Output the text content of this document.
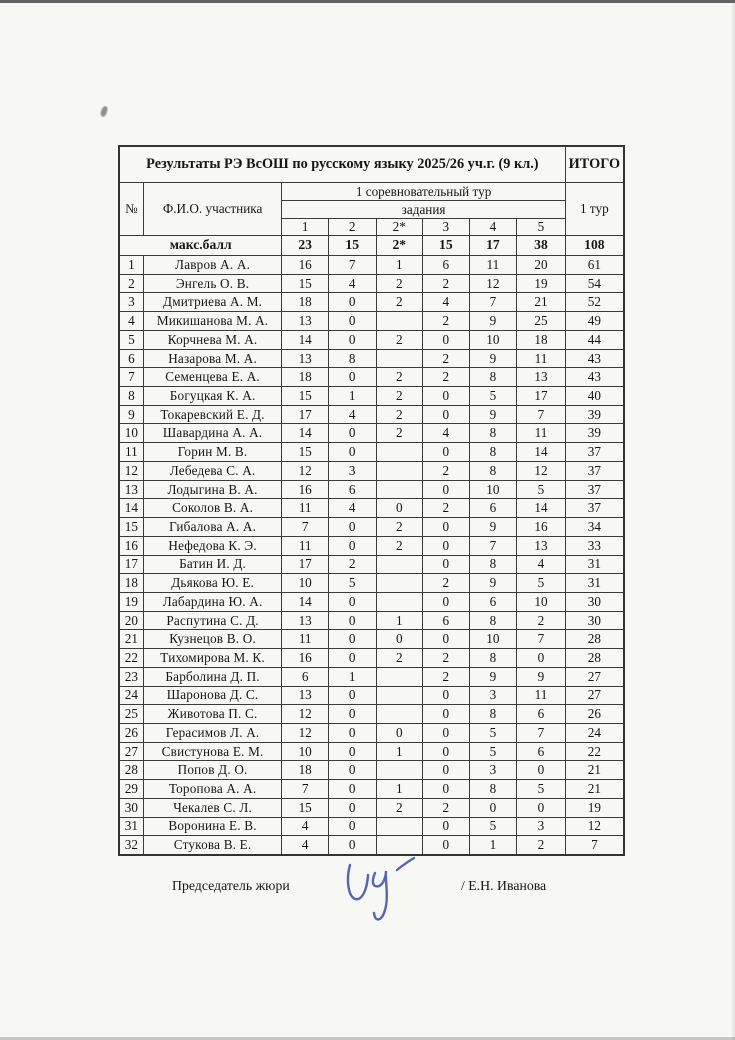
Результаты РЭ ВсОШ по русскому языку 2025/26 уч.г. (9 кл.)								ИТОГО
№	Ф.И.О. участника	1 соревновательный тур						1 тур
		задания						
		1	2	2*	3	4	5	
макс.балл		23	15	2*	15	17	38	108
1	Лавров А. А.	16	7	1	6	11	20	61
2	Энгель О. В.	15	4	2	2	12	19	54
3	Дмитриева А. М.	18	0	2	4	7	21	52
4	Микишанова М. А.	13	0		2	9	25	49
5	Корчнева М. А.	14	0	2	0	10	18	44
6	Назарова М. А.	13	8		2	9	11	43
7	Семенцева Е. А.	18	0	2	2	8	13	43
8	Богуцкая К. А.	15	1	2	0	5	17	40
9	Токаревский Е. Д.	17	4	2	0	9	7	39
10	Шавардина А. А.	14	0	2	4	8	11	39
11	Горин М. В.	15	0		0	8	14	37
12	Лебедева С. А.	12	3		2	8	12	37
13	Лодыгина В. А.	16	6		0	10	5	37
14	Соколов В. А.	11	4	0	2	6	14	37
15	Гибалова А. А.	7	0	2	0	9	16	34
16	Нефедова К. Э.	11	0	2	0	7	13	33
17	Батин И. Д.	17	2		0	8	4	31
18	Дьякова Ю. Е.	10	5		2	9	5	31
19	Лабардина Ю. А.	14	0		0	6	10	30
20	Распутина С. Д.	13	0	1	6	8	2	30
21	Кузнецов В. О.	11	0	0	0	10	7	28
22	Тихомирова М. К.	16	0	2	2	8	0	28
23	Барболина Д. П.	6	1		2	9	9	27
24	Шаронова Д. С.	13	0		0	3	11	27
25	Животова П. С.	12	0		0	8	6	26
26	Герасимов Л. А.	12	0	0	0	5	7	24
27	Свистунова Е. М.	10	0	1	0	5	6	22
28	Попов Д. О.	18	0		0	3	0	21
29	Торопова А. А.	7	0	1	0	8	5	21
30	Чекалев С. Л.	15	0	2	2	0	0	19
31	Воронина Е. В.	4	0		0	5	3	12
32	Стукова В. Е.	4	0		0	1	2	7
Председатель жюри	/ Е.Н. Иванова
